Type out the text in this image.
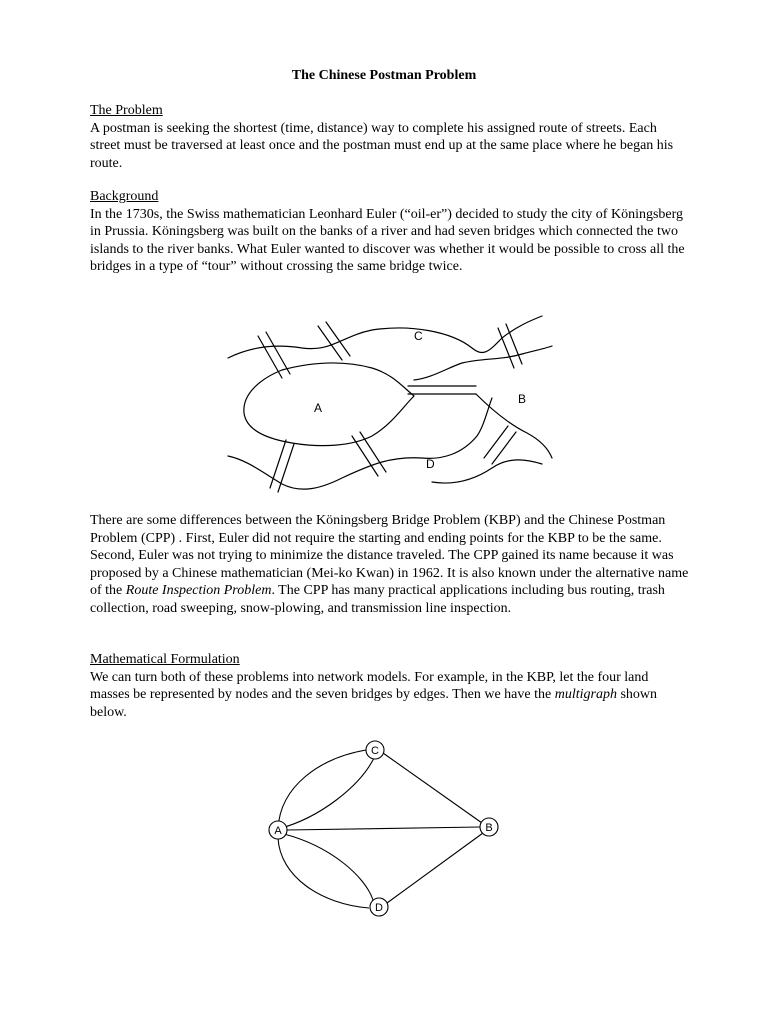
The Chinese Postman Problem
The Problem

A postman is seeking the shortest (time, distance) way to complete his assigned route of streets. Each street must be traversed at least once and the postman must end up at the same place where he began his route.

Background

In the 1730s, the Swiss mathematician Leonhard Euler (“oil-er”) decided to study the city of Köningsberg in Prussia. Köningsberg was built on the banks of a river and had seven bridges which connected the two islands to the river banks. What Euler wanted to discover was whether it would be possible to cross all the bridges in a type of “tour” without crossing the same bridge twice.

There are some differences between the Köningsberg Bridge Problem (KBP) and the Chinese Postman Problem (CPP) . First, Euler did not require the starting and ending points for the KBP to be the same. Second, Euler was not trying to minimize the distance traveled. The CPP gained its name because it was proposed by a Chinese mathematician (Mei-ko Kwan) in 1962. It is also known under the alternative name of the Route Inspection Problem. The CPP has many practical applications including bus routing, trash collection, road sweeping, snow-plowing, and transmission line inspection.

Mathematical Formulation

We can turn both of these problems into network models. For example, in the KBP, let the four land masses be represented by nodes and the seven bridges by edges. Then we have the multigraph shown below.

A
B
C
D
A	B
C
D
